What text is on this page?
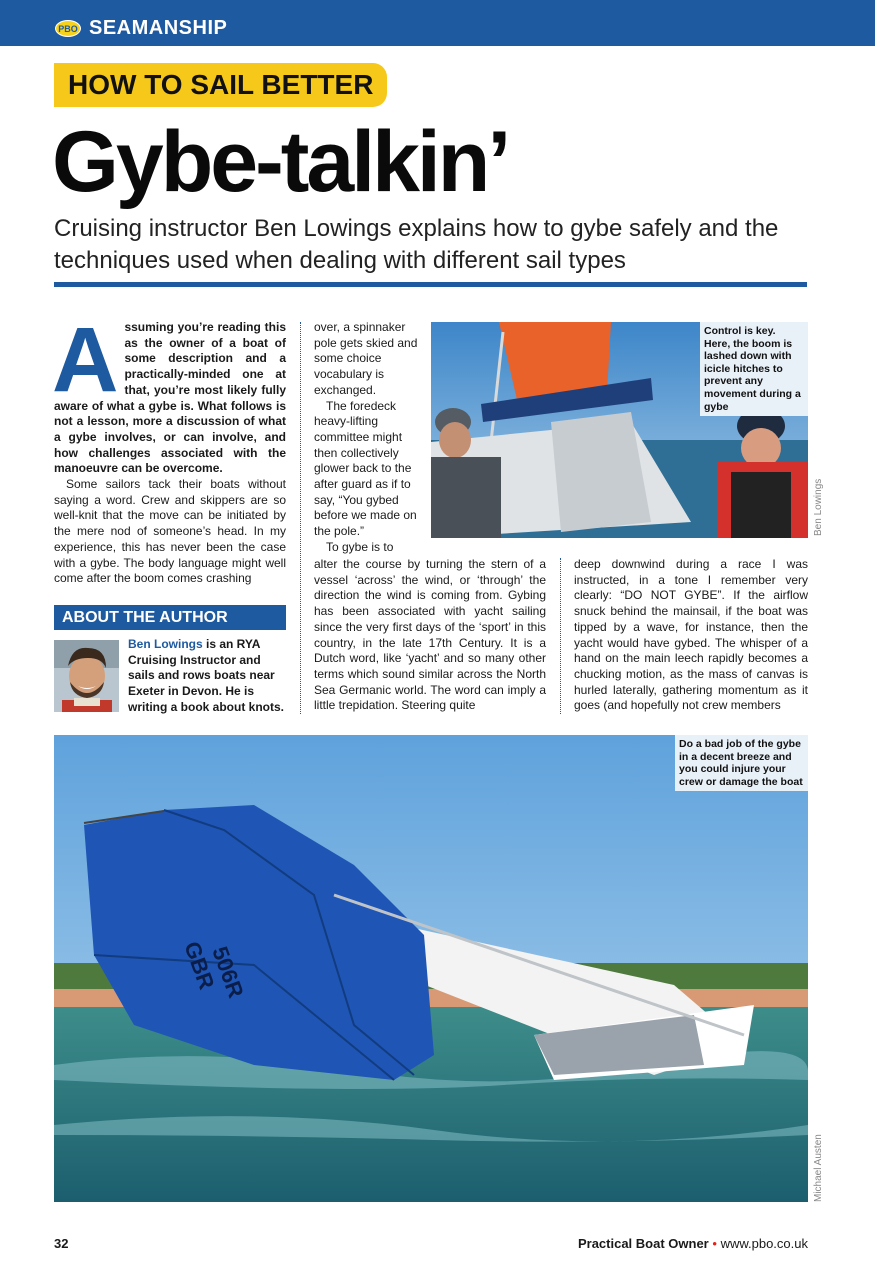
PBO SEAMANSHIP
HOW TO SAIL BETTER
Gybe-talkin’
Cruising instructor Ben Lowings explains how to gybe safely and the techniques used when dealing with different sail types
A ssuming you’re reading this as the owner of a boat of some description and a practically-minded one at that, you’re most likely fully aware of what a gybe is. What follows is not a lesson, more a discussion of what a gybe involves, or can involve, and how challenges associated with the manoeuvre can be overcome.

Some sailors tack their boats without saying a word. Crew and skippers are so well-knit that the move can be initiated by the mere nod of someone’s head. In my experience, this has never been the case with a gybe. The body language might well come after the boom comes crashing

over, a spinnaker pole gets skied and some choice vocabulary is exchanged.

The foredeck heavy-lifting committee might then collectively glower back to the after guard as if to say, “You gybed before we made on the pole.”

To gybe is to

alter the course by turning the stern of a vessel ‘across’ the wind, or ‘through’ the direction the wind is coming from. Gybing has been associated with yacht sailing since the very first days of the ‘sport’ in this country, in the late 17th Century. It is a Dutch word, like ‘yacht’ and so many other terms which sound similar across the North Sea Germanic world. The word can imply a little trepidation. Steering quite

deep downwind during a race I was instructed, in a tone I remember very clearly: “DO NOT GYBE”. If the airflow snuck behind the mainsail, if the boat was tipped by a wave, for instance, then the yacht would have gybed. The whisper of a hand on the main leech rapidly becomes a chucking motion, as the mass of canvas is hurled laterally, gathering momentum as it goes (and hopefully not crew members

ABOUT THE AUTHOR
Ben Lowings is an RYA Cruising Instructor and sails and rows boats near Exeter in Devon. He is writing a book about knots.
Control is key. Here, the boom is lashed down with icicle hitches to prevent any movement during a gybe
Ben Lowings
GBR
506R
Do a bad job of the gybe in a decent breeze and you could injure your crew or damage the boat
Michael Austen
32	Practical Boat Owner • www.pbo.co.uk
